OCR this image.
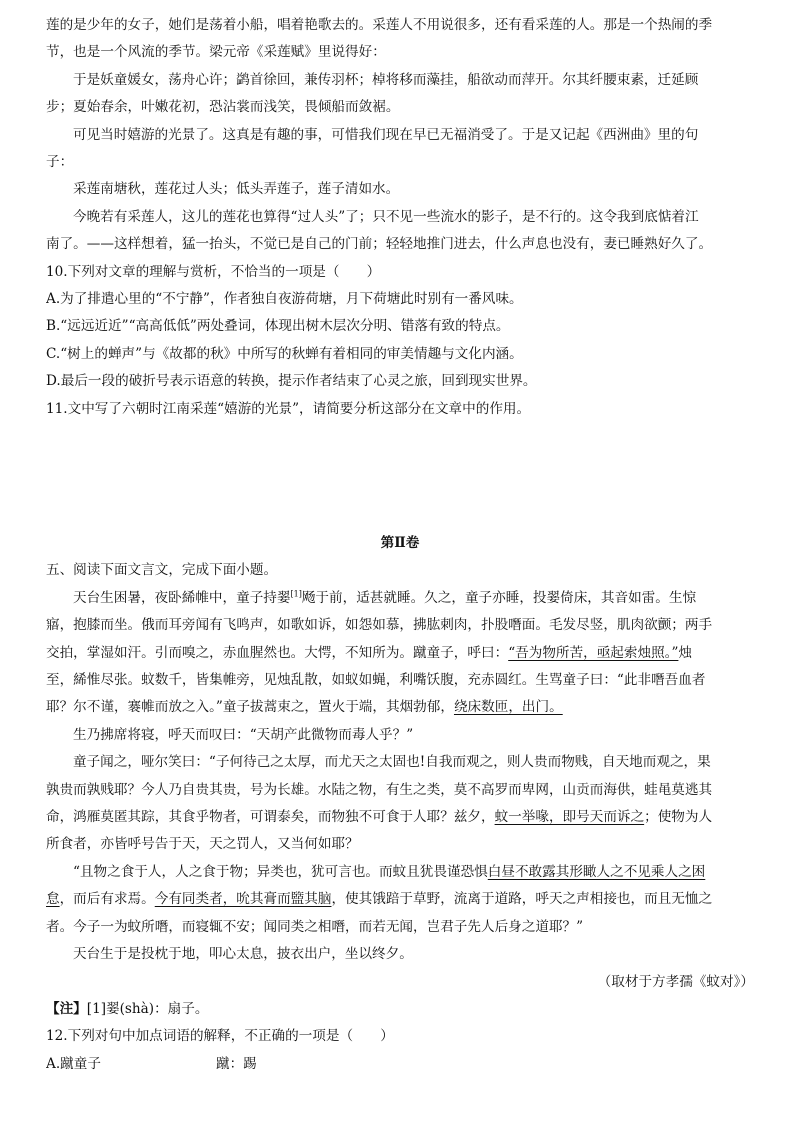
莲的是少年的女子，她们是荡着小船，唱着艳歌去的。采莲人不用说很多，还有看采莲的人。那是一个热闹的季
节，也是一个风流的季节。梁元帝《采莲赋》里说得好：
于是妖童媛女，荡舟心许；鹢首徐回，兼传羽杯；棹将移而藻挂，船欲动而萍开。尔其纤腰束素，迁延顾
步；夏始春余，叶嫩花初，恐沾裳而浅笑，畏倾船而敛裾。
可见当时嬉游的光景了。这真是有趣的事，可惜我们现在早已无福消受了。于是又记起《西洲曲》里的句
子：
采莲南塘秋，莲花过人头；低头弄莲子，莲子清如水。
今晚若有采莲人，这儿的莲花也算得“过人头”了；只不见一些流水的影子，是不行的。这令我到底惦着江
南了。——这样想着，猛一抬头，不觉已是自己的门前；轻轻地推门进去，什么声息也没有，妻已睡熟好久了。
10.下列对文章的理解与赏析，不恰当的一项是（　　）
A.为了排遣心里的“不宁静”，作者独自夜游荷塘，月下荷塘此时别有一番风味。
B.“远远近近”“高高低低”两处叠词，体现出树木层次分明、错落有致的特点。
C.“树上的蝉声”与《故都的秋》中所写的秋蝉有着相同的审美情趣与文化内涵。
D.最后一段的破折号表示语意的转换，提示作者结束了心灵之旅，回到现实世界。
11.文中写了六朝时江南采莲“嬉游的光景”，请简要分析这部分在文章中的作用。
第Ⅱ卷
五、阅读下面文言文，完成下面小题。
天台生困暑，夜卧絺帷中，童子持翣[1]飏于前，适甚就睡。久之，童子亦睡，投翣倚床，其音如雷。生惊
寤，抱膝而坐。俄而耳旁闻有飞鸣声，如歌如诉，如怨如慕，拂肱刺肉，扑股噆面。毛发尽竖，肌肉欲颤；两手
交拍，掌湿如汗。引而嗅之，赤血腥然也。大愕，不知所为。蹴童子，呼曰：“吾为物所苦，亟起索烛照。”烛
至，絺惟尽张。蚊数千，皆集帷旁，见烛乱散，如蚁如蝇，利嘴饫腹，充赤圆红。生骂童子曰：“此非噆吾血者
耶？尔不谨，褰帷而放之入。”童子拔蒿束之，置火于端，其烟勃郁，绕床数匝，出门。
生乃拂席将寝，呼天而叹曰：“天胡产此微物而毒人乎？”
童子闻之，哑尔笑曰：“子何待己之太厚，而尤天之太固也!自我而观之，则人贵而物贱，自天地而观之，果
孰贵而孰贱耶？今人乃自贵其贵，号为长雄。水陆之物，有生之类，莫不高罗而卑网，山贡而海供，蛙黾莫逃其
命，鸿雁莫匿其踪，其食乎物者，可谓泰矣，而物独不可食于人耶？兹夕，蚊一举喙，即号天而诉之；使物为人
所食者，亦皆呼号告于天，天之罚人，又当何如耶？
“且物之食于人，人之食于物；异类也，犹可言也。而蚊且犹畏谨恐惧白昼不敢露其形瞰人之不见乘人之困
怠，而后有求焉。今有同类者，吮其膏而盬其脑，使其饿踣于草野，流离于道路，呼天之声相接也，而且无恤之
者。今子一为蚊所噆，而寝辄不安；闻同类之相噆，而若无闻，岂君子先人后身之道耶？”
天台生于是投枕于地，叩心太息，披衣出户，坐以终夕。
（取材于方孝孺《蚊对》）
【注】[1]翣(shà)：扇子。
12.下列对句中加点词语的解释，不正确的一项是（　　）
A.蹴童子	蹴：踢
